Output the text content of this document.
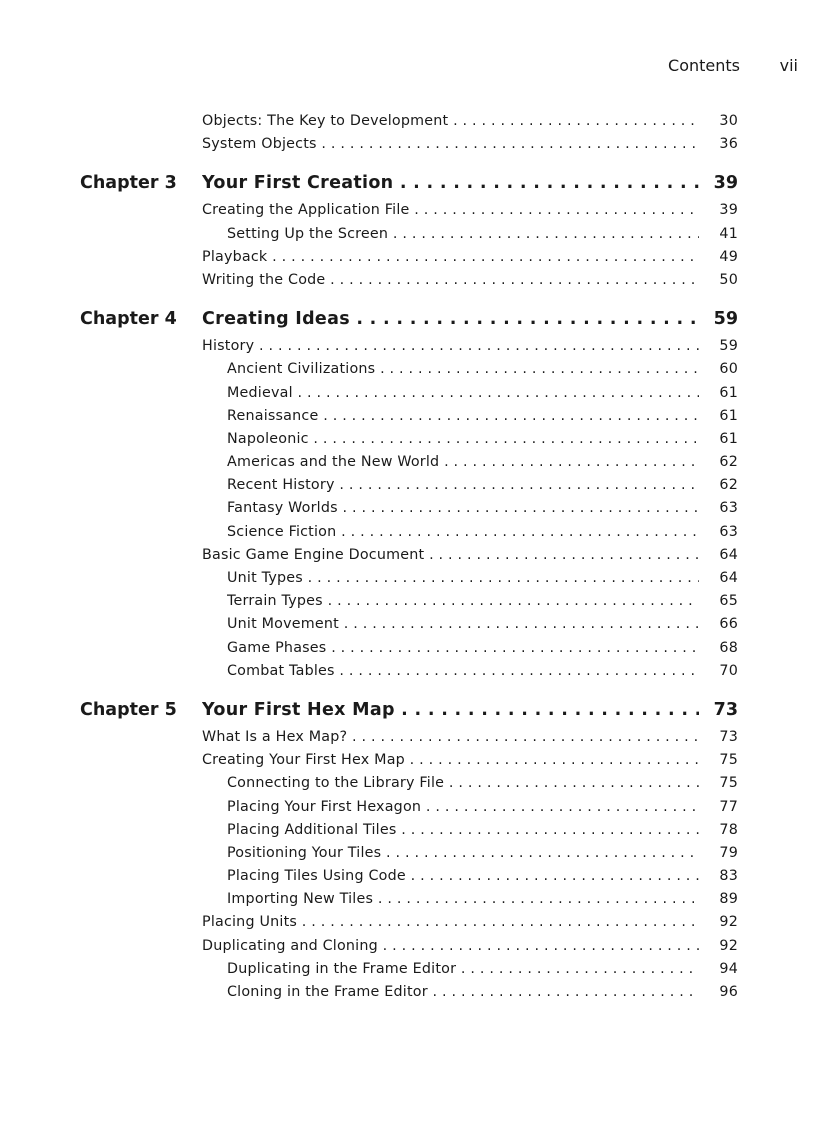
Contents vii
Objects: The Key to Development . . .	30
System Objects . . .	36
Chapter 3 Your First Creation . . .	39
Creating the Application File . . .	39
Setting Up the Screen . . .	41
Playback . . .	49
Writing the Code . . .	50
Chapter 4 Creating Ideas . . .	59
History . . .	59
Ancient Civilizations . . .	60
Medieval . . .	61
Renaissance . . .	61
Napoleonic . . .	61
Americas and the New World . . .	62
Recent History . . .	62
Fantasy Worlds . . .	63
Science Fiction . . .	63
Basic Game Engine Document . . .	64
Unit Types . . .	64
Terrain Types . . .	65
Unit Movement . . .	66
Game Phases . . .	68
Combat Tables . . .	70
Chapter 5 Your First Hex Map . . .	73
What Is a Hex Map? . . .	73
Creating Your First Hex Map . . .	75
Connecting to the Library File . . .	75
Placing Your First Hexagon . . .	77
Placing Additional Tiles . . .	78
Positioning Your Tiles . . .	79
Placing Tiles Using Code . . .	83
Importing New Tiles . . .	89
Placing Units . . .	92
Duplicating and Cloning . . .	92
Duplicating in the Frame Editor . . .	94
Cloning in the Frame Editor . . .	96
